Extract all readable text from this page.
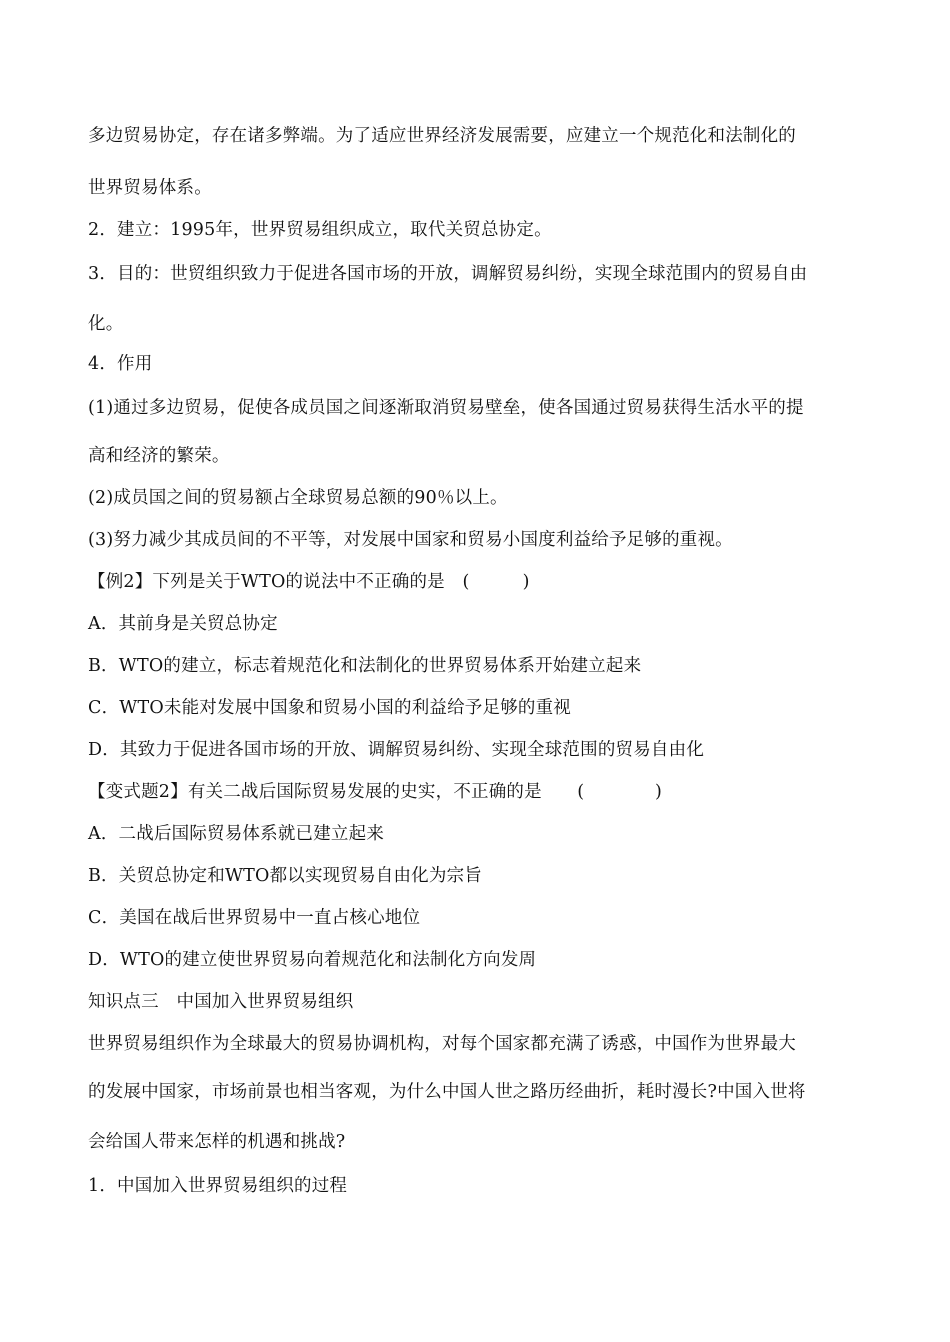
多边贸易协定，存在诸多弊端。为了适应世界经济发展需要，应建立一个规范化和法制化的
世界贸易体系。
2．建立：1995年，世界贸易组织成立，取代关贸总协定。
3．目的：世贸组织致力于促进各国市场的开放，调解贸易纠纷，实现全球范围内的贸易自由
化。
4．作用
(1)通过多边贸易，促使各成员国之间逐渐取消贸易壁垒，使各国通过贸易获得生活水平的提
高和经济的繁荣。
(2)成员国之间的贸易额占全球贸易总额的90％以上。
(3)努力减少其成员间的不平等，对发展中国家和贸易小国度利益给予足够的重视。
【例2】下列是关于WTO的说法中不正确的是　(　　　)
A．其前身是关贸总协定
B．WTO的建立，标志着规范化和法制化的世界贸易体系开始建立起来
C．WTO未能对发展中国象和贸易小国的利益给予足够的重视
D．其致力于促进各国市场的开放、调解贸易纠纷、实现全球范围的贸易自由化
【变式题2】有关二战后国际贸易发展的史实，不正确的是　　(　　　　)
A．二战后国际贸易体系就已建立起来
B．关贸总协定和WTO都以实现贸易自由化为宗旨
C．美国在战后世界贸易中一直占核心地位
D．WTO的建立使世界贸易向着规范化和法制化方向发周
知识点三　中国加入世界贸易组织
世界贸易组织作为全球最大的贸易协调机构，对每个国家都充满了诱惑，中国作为世界最大
的发展中国家，市场前景也相当客观，为什么中国人世之路历经曲折，耗时漫长?中国入世将
会给国人带来怎样的机遇和挑战?
1．中国加入世界贸易组织的过程
